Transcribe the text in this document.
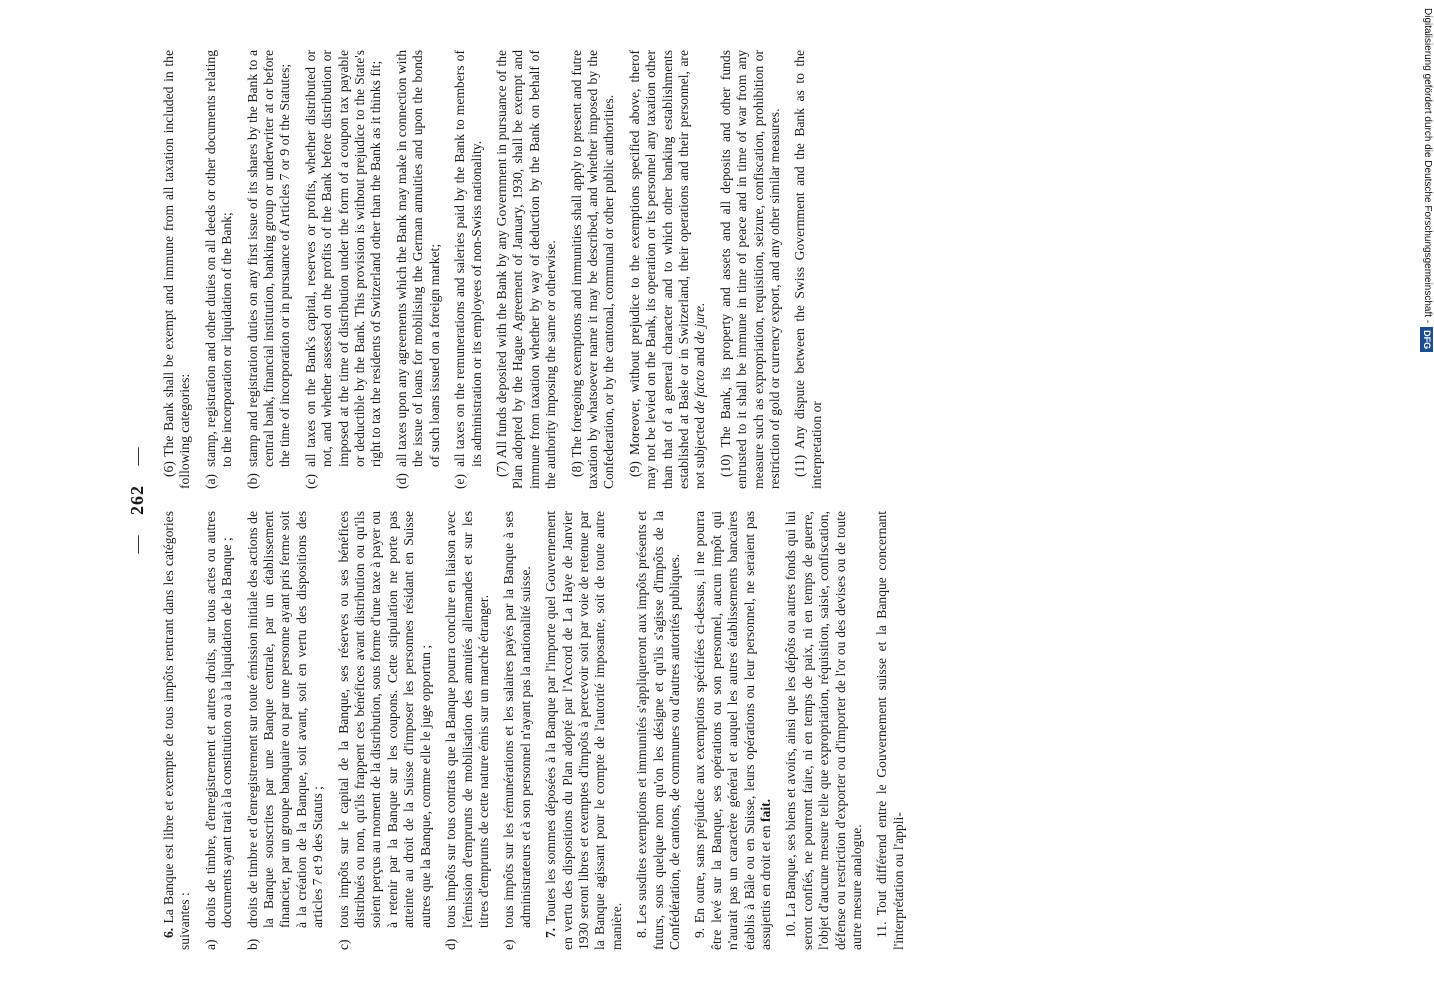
— 262 —

6. La Banque est libre et exempte de tous impôts rentrant dans les catégories suivantes : a)
droits de timbre, d'enregistrement et autres droits, sur tous actes ou autres documents ayant trait à la constitution ou à la liquidation de la Banque ;
b)
droits de timbre et d'enregistrement sur toute émission initiale des actions de la Banque souscrites par une Banque centrale, par un établissement financier, par un groupe banquaire ou par une personne ayant pris ferme soit à la création de la Banque, soit avant, soit en vertu des dispositions des articles 7 et 9 des Statuts ;
c)
tous impôts sur le capital de la Banque, ses réserves ou ses bénéfices distribués ou non, qu'ils frappent ces bénéfices avant distribution ou qu'ils soient perçus au moment de la distribution, sous forme d'une taxe à payer ou à retenir par la Banque sur les coupons. Cette stipulation ne porte pas atteinte au droit de la Suisse d'imposer les personnes résidant en Suisse autres que la Banque, comme elle le juge opportun ;
d)
tous impôts sur tous contrats que la Banque pourra conclure en liaison avec l'émission d'emprunts de mobilisation des annuités allemandes et sur les titres d'emprunts de cette nature émis sur un marché étranger.
e)
tous impôts sur les rémunérations et les salaires payés par la Banque à ses administrateurs et à son personnel n'ayant pas la nationalité suisse.

7. Toutes les sommes déposées à la Banque par l'importe quel Gouvernement en vertu des dispositions du Plan adopté par l'Accord de La Haye de Janvier 1930 seront libres et exemptes d'impôts à percevoir soit par voie de retenue par la Banque agissant pour le compte de l'autorité imposante, soit de toute autre manière. 8. Les susdites exemptions et immunités s'appliqueront aux impôts présents et futurs, sous quelque nom qu'on les désigne et qu'ils s'agisse d'impôts de la Confédération, de cantons, de communes ou d'autres autorités publiques. 9. En outre, sans préjudice aux exemptions spécifiées ci-dessus, il ne pourra être levé sur la Banque, ses opérations ou son personnel, aucun impôt qui n'aurait pas un caractère général et auquel les autres établissements bancaires établis à Bâle ou en Suisse, leurs opérations ou leur personnel, ne seraient pas assujettis en droit et en fait. 10. La Banque, ses biens et avoirs, ainsi que les dépôts ou autres fonds qui lui seront confiés, ne pourront faire, ni en temps de paix, ni en temps de guerre, l'objet d'aucune mesure telle que expropriation, réquisition, saisie, confiscation, défense ou restriction d'exporter ou d'importer de l'or ou des devises ou de toute autre mesure analogue. 11. Tout différend entre le Gouvernement suisse et la Banque concernant l'interprétation ou l'appli-

(6) The Bank shall be exempt and immune from all taxation included in the following categories: (a)
stamp, registration and other duties on all deeds or other documents relating to the incorporation or liquidation of the Bank;
(b)
stamp and registration duties on any first issue of its shares by the Bank to a central bank, financial institution, banking group or underwriter at or before the time of incorporation or in pursuance of Articles 7 or 9 of the Statutes;
(c)
all taxes on the Bank's capital, reserves or profits, whether distributed or not, and whether assessed on the profits of the Bank before distribution or imposed at the time of distribution under the form of a coupon tax payable or deductible by the Bank. This provision is without prejudice to the State's right to tax the residents of Switzerland other than the Bank as it thinks fit;
(d)
all taxes upon any agreements which the Bank may make in connection with the issue of loans for mobilising the German annuities and upon the bonds of such loans issued on a foreign market;
(e)
all taxes on the remunerations and saleries paid by the Bank to members of its administration or its employees of non-Swiss nationality. (7) All funds deposited with the Bank by any Government in pursuance of the Plan adopted by the Hague Agreement of January, 1930, shall be exempt and immune from taxation whether by way of deduction by the Bank on behalf of the authority imposing the same or otherwise. (8) The foregoing exemptions and immunities shall apply to present and futre taxation by whatsoever name it may be described, and whether imposed by the Confederation, or by the cantonal, communal or other public authorities. (9) Moreover, without prejudice to the exemptions specified above, therof may not be levied on the Bank, its operation or its personnel any taxation other than that of a general character and to which other banking establishments established at Basle or in Switzerland, their operations and their personnel, are not subjected de facto and de jure. (10) The Bank, its property and assets and all deposits and other funds entrusted to it shall be immune in time of peace and in time of war from any measure such as expropriation, requisition, seizure, confiscation, prohibition or restriction of gold or currency export, and any other similar measures. (11) Any dispute between the Swiss Government and the Bank as to the interpretation or

Digitalisierung gefördert durch die Deutsche Forschungsgemeinschaft -
DFG
